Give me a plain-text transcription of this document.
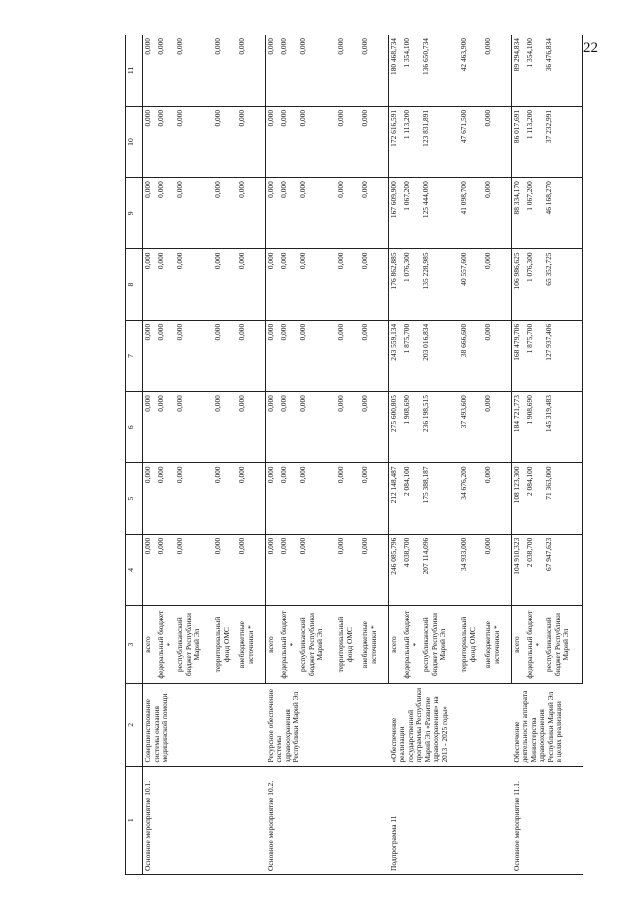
22
1	2	3	4	5	6	7	8	9	10	11
Основное мероприятие 10.1.	Совершенствование системы оказания медицинской помощи	всего	0,000	0,000	0,000	0,000	0,000	0,000	0,000	0,000
		федеральный бюджет *	0,000	0,000	0,000	0,000	0,000	0,000	0,000	0,000
		республиканский бюджет Республики Марий Эл	0,000	0,000	0,000	0,000	0,000	0,000	0,000	0,000
		территориальный фонд ОМС	0,000	0,000	0,000	0,000	0,000	0,000	0,000	0,000
		внебюджетные источники *	0,000	0,000	0,000	0,000	0,000	0,000	0,000	0,000
Основное мероприятие 10.2.	Ресурсное обеспечение системы здравоохранения Республики Марий Эл	всего	0,000	0,000	0,000	0,000	0,000	0,000	0,000	0,000
		федеральный бюджет *	0,000	0,000	0,000	0,000	0,000	0,000	0,000	0,000
		республиканский бюджет Республики Марий Эл	0,000	0,000	0,000	0,000	0,000	0,000	0,000	0,000
		территориальный фонд ОМС	0,000	0,000	0,000	0,000	0,000	0,000	0,000	0,000
		внебюджетные источники *	0,000	0,000	0,000	0,000	0,000	0,000	0,000	0,000
Подпрограмма 11	«Обеспечение реализации государственной программы Республики Марий Эл «Развитие здравоохранения» на 2013 - 2025 годы»	всего	246 085,796	212 148,487	275 600,805	243 559,134	176 862,885	167 609,900	172 616,591	180 468,734
		федеральный бюджет *	4 038,700	2 084,100	1 908,690	1 875,700	1 076,300	1 067,200	1 113,200	1 354,100
		республиканский бюджет Республики Марий Эл	207 114,096	175 388,187	236 198,515	203 016,834	135 228,985	125 444,000	123 831,891	136 650,734
		территориальный фонд ОМС	34 933,000	34 676,200	37 493,600	38 666,600	40 557,600	41 098,700	47 671,500	42 463,900
		внебюджетные источники *	0,000	0,000	0,000	0,000	0,000	0,000	0,000	0,000
Основное мероприятие 11.1.	Обеспечение деятельности аппарата Министерства здравоохранения Республики Марий Эл в целях реализации	всего	104 910,323	108 123,300	184 721,773	168 479,706	106 986,625	88 334,170	86 017,691	89 294,834
		федеральный бюджет *	2 038,700	2 084,100	1 908,690	1 875,700	1 076,300	1 067,200	1 113,200	1 354,100
		республиканский бюджет Республики Марий Эл	67 947,623	71 363,000	145 319,483	127 937,406	65 352,725	46 168,270	37 232,991	36 476,834
